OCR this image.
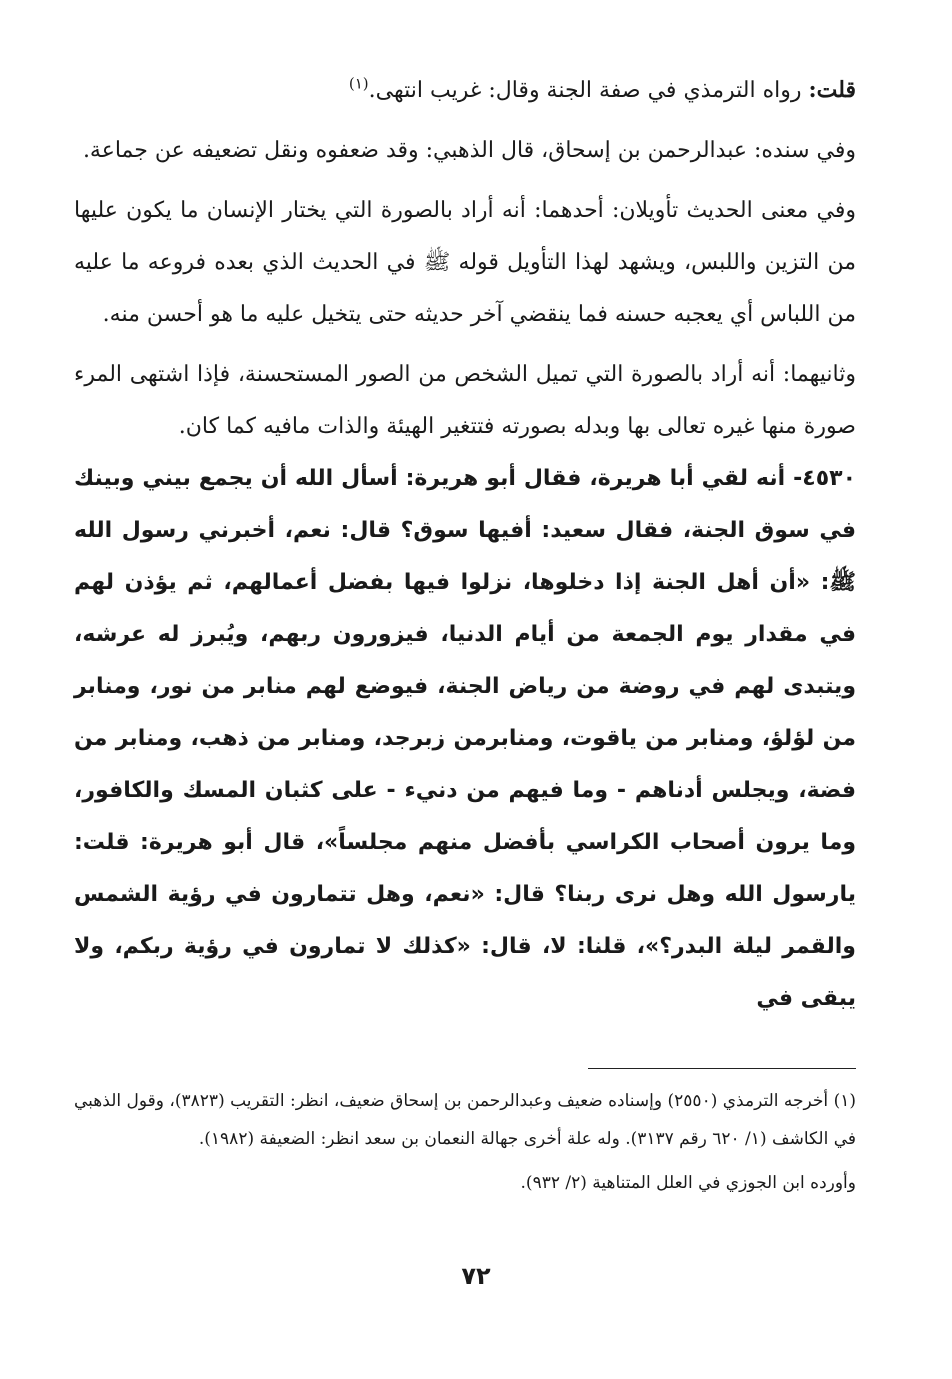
قلت: رواه الترمذي في صفة الجنة وقال: غريب انتهى.$^{(١)}$

وفي سنده: عبدالرحمن بن إسحاق، قال الذهبي: وقد ضعفوه ونقل تضعيفه عن جماعة.

وفي معنى الحديث تأويلان: أحدهما: أنه أراد بالصورة التي يختار الإنسان ما يكون عليها من التزين واللبس، ويشهد لهذا التأويل قوله ﷺ في الحديث الذي بعده فروعه ما عليه من اللباس أي يعجبه حسنه فما ينقضي آخر حديثه حتى يتخيل عليه ما هو أحسن منه.

وثانيهما: أنه أراد بالصورة التي تميل الشخص من الصور المستحسنة، فإذا اشتهى المرء صورة منها غيره تعالى بها وبدله بصورته فتتغير الهيئة والذات مافيه كما كان.

٤٥٣٠- أنه لقي أبا هريرة، فقال أبو هريرة: أسأل الله أن يجمع بيني وبينك في سوق الجنة، فقال سعيد: أفيها سوق؟ قال: نعم، أخبرني رسول الله ﷺ: «أن أهل الجنة إذا دخلوها، نزلوا فيها بفضل أعمالهم، ثم يؤذن لهم في مقدار يوم الجمعة من أيام الدنيا، فيزورون ربهم، ويُبرز له عرشه، ويتبدى لهم في روضة من رياض الجنة، فيوضع لهم منابر من نور، ومنابر من لؤلؤ، ومنابر من ياقوت، ومنابرمن زبرجد، ومنابر من ذهب، ومنابر من فضة، ويجلس أدناهم - وما فيهم من دنيء - على كثبان المسك والكافور، وما يرون أصحاب الكراسي بأفضل منهم مجلساً»، قال أبو هريرة: قلت: يارسول الله وهل نرى ربنا؟ قال: «نعم، وهل تتمارون في رؤية الشمس والقمر ليلة البدر؟»، قلنا: لا، قال: «كذلك لا تمارون في رؤية ربكم، ولا يبقى في

(١) أخرجه الترمذي (٢٥٥٠) وإسناده ضعيف وعبدالرحمن بن إسحاق ضعيف، انظر: التقريب (٣٨٢٣)، وقول الذهبي في الكاشف (١/ ٦٢٠ رقم ٣١٣٧). وله علة أخرى جهالة النعمان بن سعد انظر: الضعيفة (١٩٨٢).

وأورده ابن الجوزي في العلل المتناهية (٢/ ٩٣٢).

٧٢
